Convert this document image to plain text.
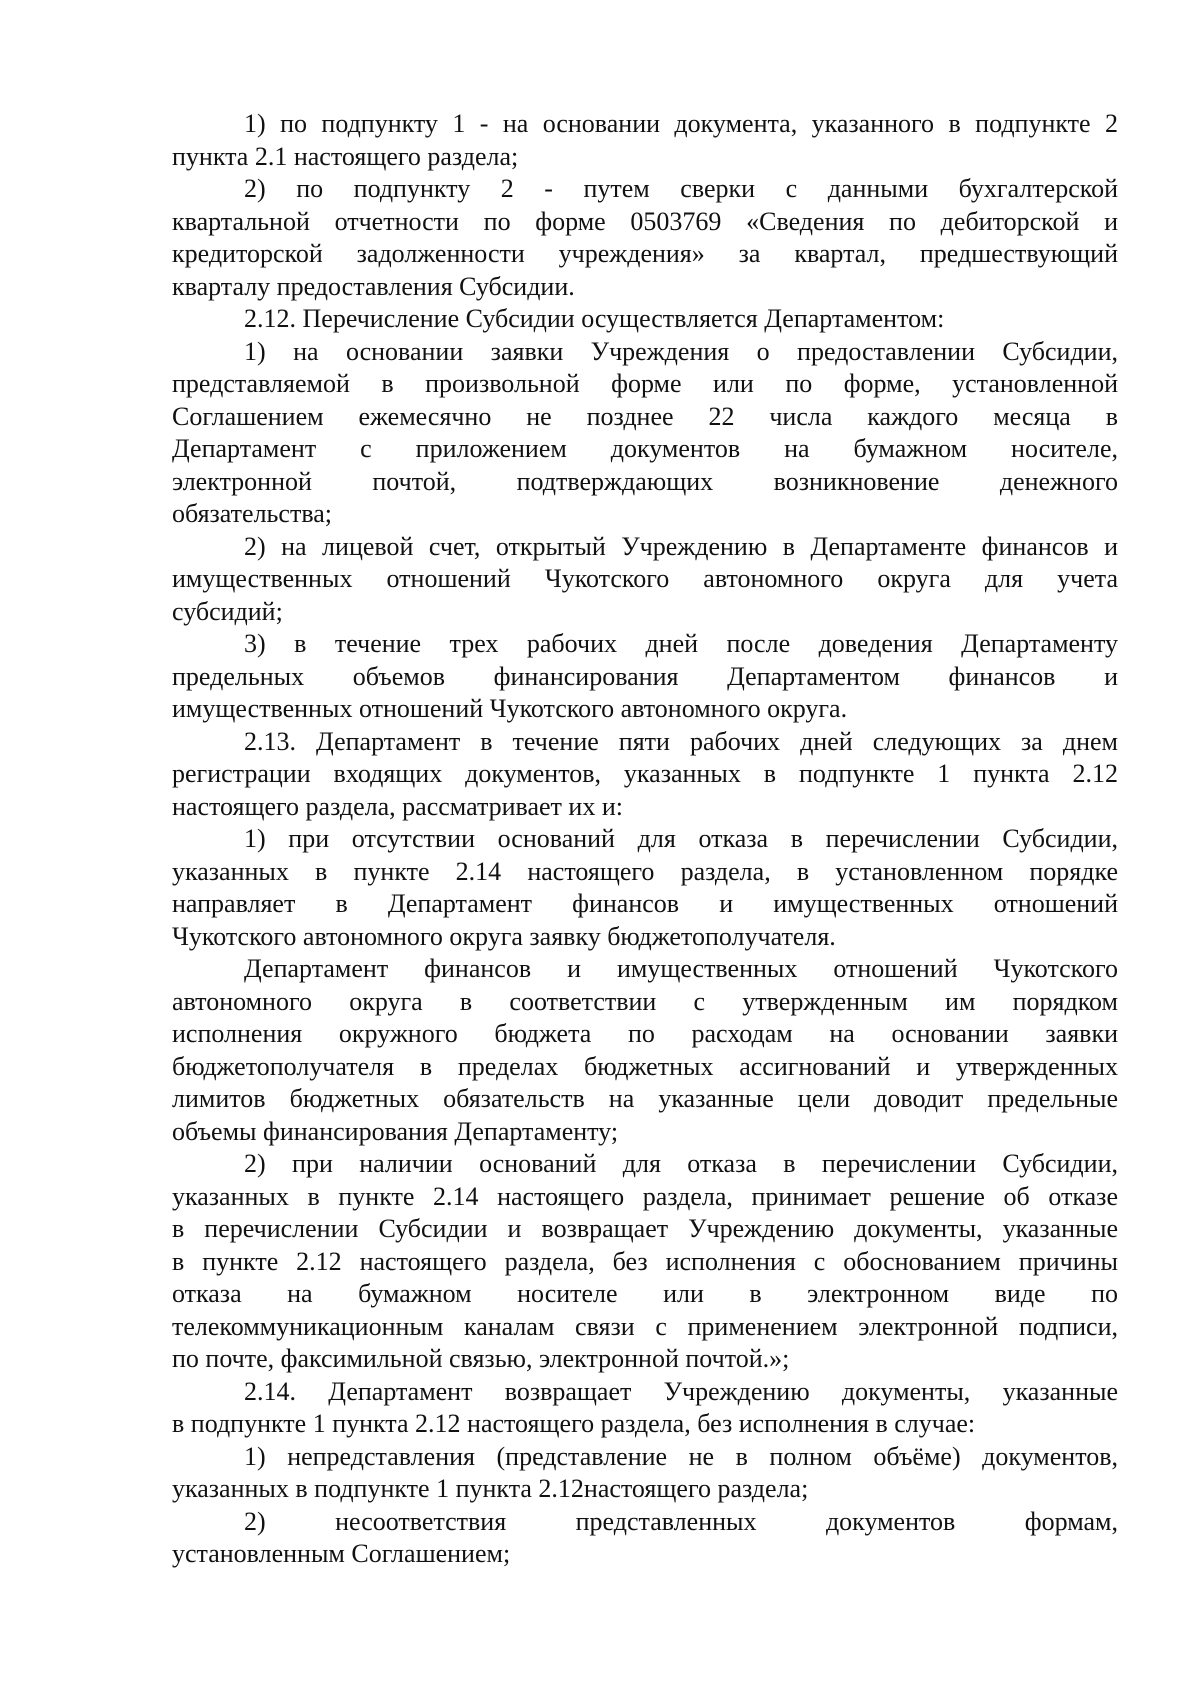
1) по подпункту 1 - на основании документа, указанного в подпункте 2
пункта 2.1 настоящего раздела;
2) по подпункту 2 - путем сверки с данными бухгалтерской
квартальной отчетности по форме 0503769 «Сведения по дебиторской и
кредиторской задолженности учреждения» за квартал, предшествующий
кварталу предоставления Субсидии.
2.12. Перечисление Субсидии осуществляется Департаментом:
1) на основании заявки Учреждения о предоставлении Субсидии,
представляемой в произвольной форме или по форме, установленной
Соглашением ежемесячно не позднее 22 числа каждого месяца в
Департамент с приложением документов на бумажном носителе,
электронной почтой, подтверждающих возникновение денежного
обязательства;
2) на лицевой счет, открытый Учреждению в Департаменте финансов и
имущественных отношений Чукотского автономного округа для учета
субсидий;
3) в течение трех рабочих дней после доведения Департаменту
предельных объемов финансирования Департаментом финансов и
имущественных отношений Чукотского автономного округа.
2.13. Департамент в течение пяти рабочих дней следующих за днем
регистрации входящих документов, указанных в подпункте 1 пункта 2.12
настоящего раздела, рассматривает их и:
1) при отсутствии оснований для отказа в перечислении Субсидии,
указанных в пункте 2.14 настоящего раздела, в установленном порядке
направляет в Департамент финансов и имущественных отношений
Чукотского автономного округа заявку бюджетополучателя.
Департамент финансов и имущественных отношений Чукотского
автономного округа в соответствии с утвержденным им порядком
исполнения окружного бюджета по расходам на основании заявки
бюджетополучателя в пределах бюджетных ассигнований и утвержденных
лимитов бюджетных обязательств на указанные цели доводит предельные
объемы финансирования Департаменту;
2) при наличии оснований для отказа в перечислении Субсидии,
указанных в пункте 2.14 настоящего раздела, принимает решение об отказе
в перечислении Субсидии и возвращает Учреждению документы, указанные
в пункте 2.12 настоящего раздела, без исполнения с обоснованием причины
отказа на бумажном носителе или в электронном виде по
телекоммуникационным каналам связи с применением электронной подписи,
по почте, факсимильной связью, электронной почтой.»;
2.14. Департамент возвращает Учреждению документы, указанные
в подпункте 1 пункта 2.12 настоящего раздела, без исполнения в случае:
1) непредставления (представление не в полном объёме) документов,
указанных в подпункте 1 пункта 2.12настоящего раздела;
2) несоответствия представленных документов формам,
установленным Соглашением;
